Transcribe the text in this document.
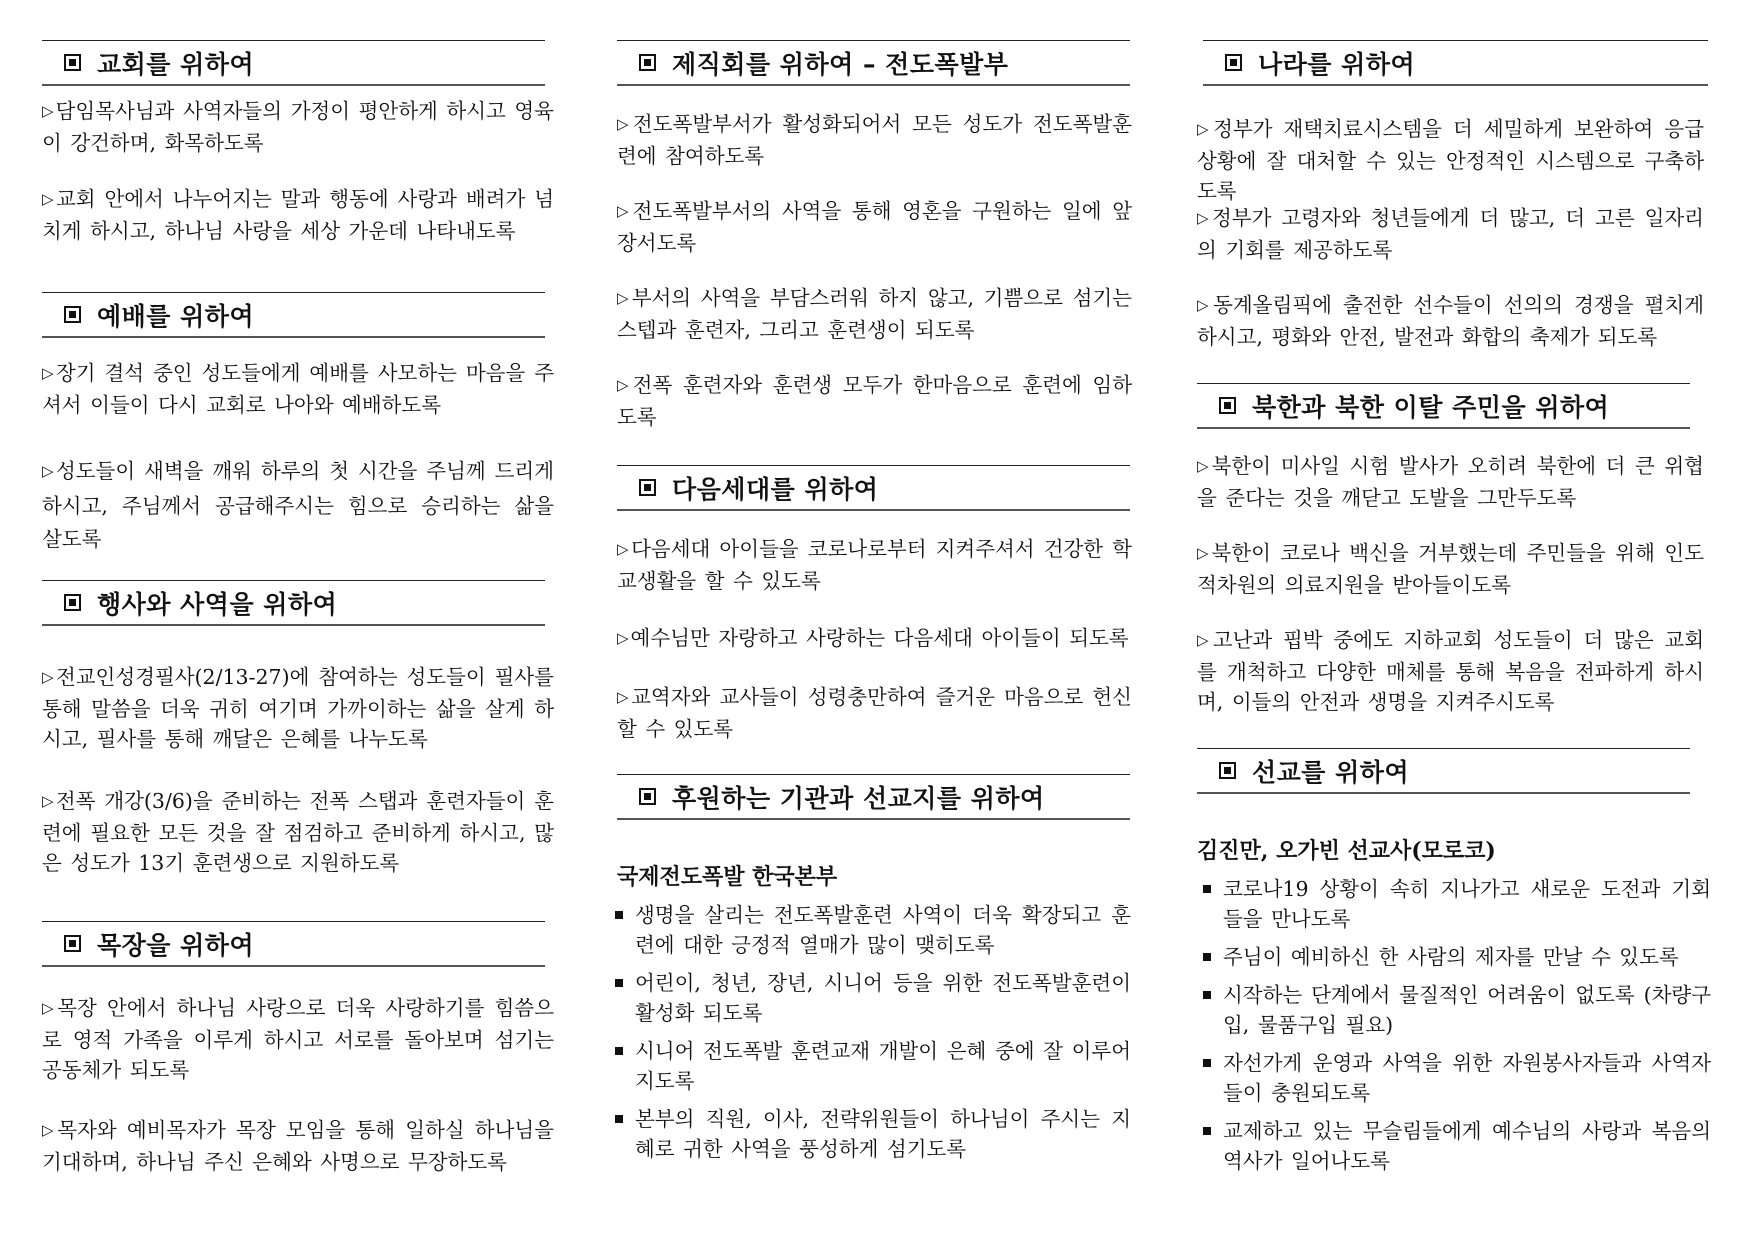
교회를 위하여

▷담임목사님과 사역자들의 가정이 평안하게 하시고 영육이 강건하며, 화목하도록

▷교회 안에서 나누어지는 말과 행동에 사랑과 배려가 넘치게 하시고, 하나님 사랑을 세상 가운데 나타내도록

예배를 위하여

▷장기 결석 중인 성도들에게 예배를 사모하는 마음을 주셔서 이들이 다시 교회로 나아와 예배하도록

▷성도들이 새벽을 깨워 하루의 첫 시간을 주님께 드리게 하시고, 주님께서 공급해주시는 힘으로 승리하는 삶을 살도록

행사와 사역을 위하여

▷전교인성경필사(2/13-27)에 참여하는 성도들이 필사를 통해 말씀을 더욱 귀히 여기며 가까이하는 삶을 살게 하시고, 필사를 통해 깨달은 은혜를 나누도록

▷전폭 개강(3/6)을 준비하는 전폭 스탭과 훈련자들이 훈련에 필요한 모든 것을 잘 점검하고 준비하게 하시고, 많은 성도가 13기 훈련생으로 지원하도록

목장을 위하여

▷목장 안에서 하나님 사랑으로 더욱 사랑하기를 힘씀으로 영적 가족을 이루게 하시고 서로를 돌아보며 섬기는 공동체가 되도록

▷목자와 예비목자가 목장 모임을 통해 일하실 하나님을 기대하며, 하나님 주신 은혜와 사명으로 무장하도록

제직회를 위하여 – 전도폭발부

▷전도폭발부서가 활성화되어서 모든 성도가 전도폭발훈련에 참여하도록

▷전도폭발부서의 사역을 통해 영혼을 구원하는 일에 앞장서도록

▷부서의 사역을 부담스러워 하지 않고, 기쁨으로 섬기는 스텝과 훈련자, 그리고 훈련생이 되도록

▷전폭 훈련자와 훈련생 모두가 한마음으로 훈련에 임하도록

다음세대를 위하여

▷다음세대 아이들을 코로나로부터 지켜주셔서 건강한 학교생활을 할 수 있도록

▷예수님만 자랑하고 사랑하는 다음세대 아이들이 되도록

▷교역자와 교사들이 성령충만하여 즐거운 마음으로 헌신할 수 있도록

후원하는 기관과 선교지를 위하여
국제전도폭발 한국본부
생명을 살리는 전도폭발훈련 사역이 더욱 확장되고 훈련에 대한 긍정적 열매가 많이 맺히도록
어린이, 청년, 장년, 시니어 등을 위한 전도폭발훈련이 활성화 되도록
시니어 전도폭발 훈련교재 개발이 은혜 중에 잘 이루어지도록
본부의 직원, 이사, 전략위원들이 하나님이 주시는 지혜로 귀한 사역을 풍성하게 섬기도록
나라를 위하여

▷정부가 재택치료시스템을 더 세밀하게 보완하여 응급상황에 잘 대처할 수 있는 안정적인 시스템으로 구축하도록

▷정부가 고령자와 청년들에게 더 많고, 더 고른 일자리의 기회를 제공하도록

▷동계올림픽에 출전한 선수들이 선의의 경쟁을 펼치게 하시고, 평화와 안전, 발전과 화합의 축제가 되도록

북한과 북한 이탈 주민을 위하여

▷북한이 미사일 시험 발사가 오히려 북한에 더 큰 위협을 준다는 것을 깨닫고 도발을 그만두도록

▷북한이 코로나 백신을 거부했는데 주민들을 위해 인도적차원의 의료지원을 받아들이도록

▷고난과 핍박 중에도 지하교회 성도들이 더 많은 교회를 개척하고 다양한 매체를 통해 복음을 전파하게 하시며, 이들의 안전과 생명을 지켜주시도록

선교를 위하여
김진만, 오가빈 선교사(모로코)
코로나19 상황이 속히 지나가고 새로운 도전과 기회들을 만나도록
주님이 예비하신 한 사람의 제자를 만날 수 있도록
시작하는 단계에서 물질적인 어려움이 없도록 (차량구입, 물품구입 필요)
자선가게 운영과 사역을 위한 자원봉사자들과 사역자들이 충원되도록
교제하고 있는 무슬림들에게 예수님의 사랑과 복음의 역사가 일어나도록
